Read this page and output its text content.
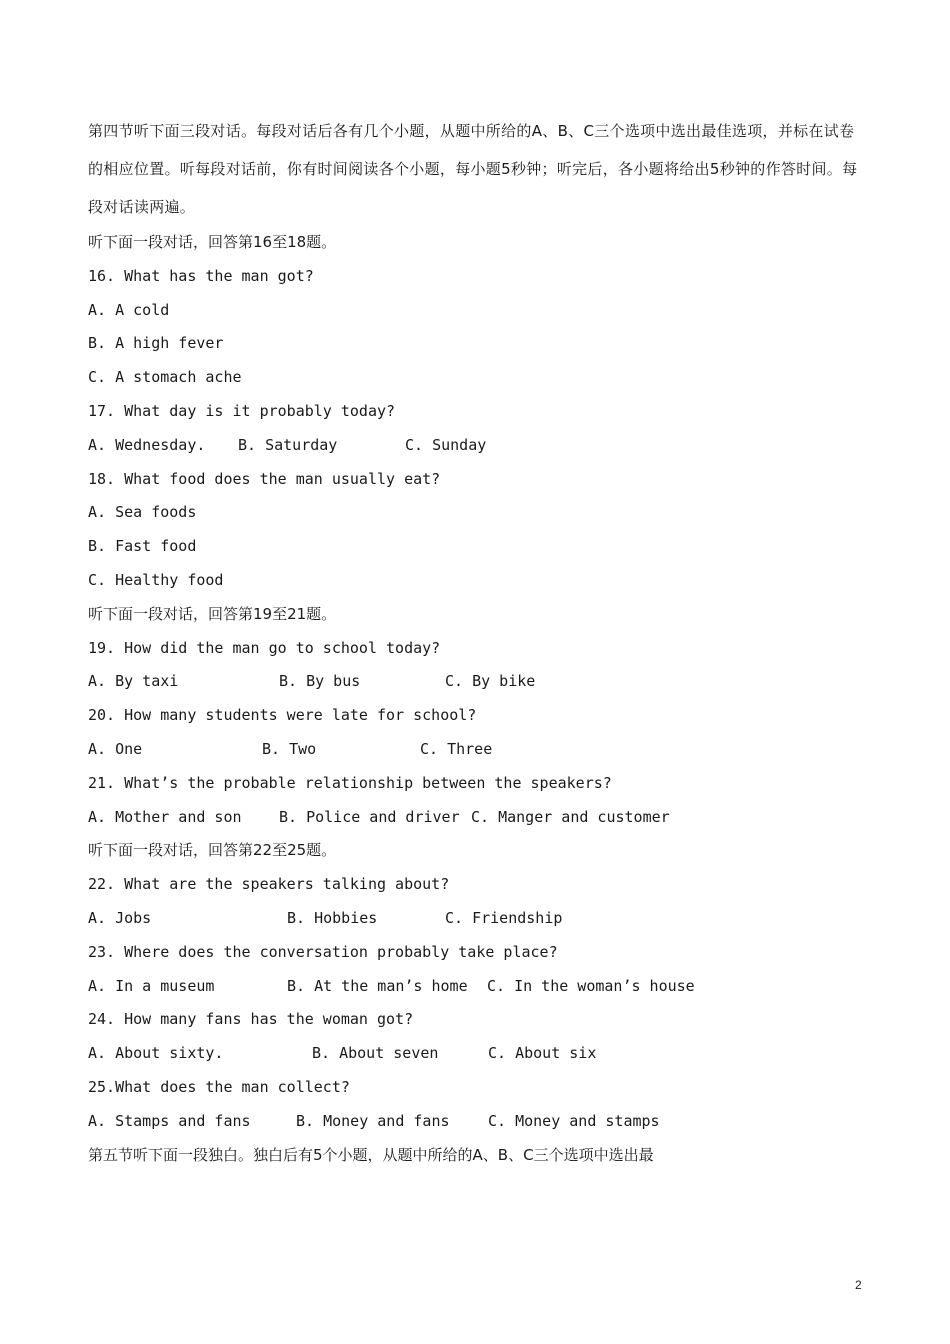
第四节听下面三段对话。每段对话后各有几个小题，从题中所给的A、B、C三个选项中选出最佳选项，并标在试卷的相应位置。听每段对话前，你有时间阅读各个小题，每小题5秒钟；听完后，各小题将给出5秒钟的作答时间。每段对话读两遍。

听下面一段对话，回答第16至18题。
16. What has the man got?
A. A cold
B. A high fever
C. A stomach ache
17. What day is it probably today?
A. Wednesday.	B. Saturday	C. Sunday
18. What food does the man usually eat?
A. Sea foods
B. Fast food
C. Healthy food
听下面一段对话，回答第19至21题。
19. How did the man go to school today?
A. By taxi	B. By bus	C. By bike
20. How many students were late for school?
A. One	B. Two	C. Three
21. What’s the probable relationship between the speakers?
A. Mother and son	B. Police and driver C. Manger and customer
听下面一段对话，回答第22至25题。
22. What are the speakers talking about?
A. Jobs	B. Hobbies	C. Friendship
23. Where does the conversation probably take place?
A. In a museum	B. At the man’s home	C. In the woman’s house
24. How many fans has the woman got?
A. About sixty.	B. About seven	C. About six
25.What does the man collect?
A. Stamps and fans	B. Money and fans	C. Money and stamps
第五节听下面一段独白。独白后有5个小题，从题中所给的A、B、C三个选项中选出最
2
